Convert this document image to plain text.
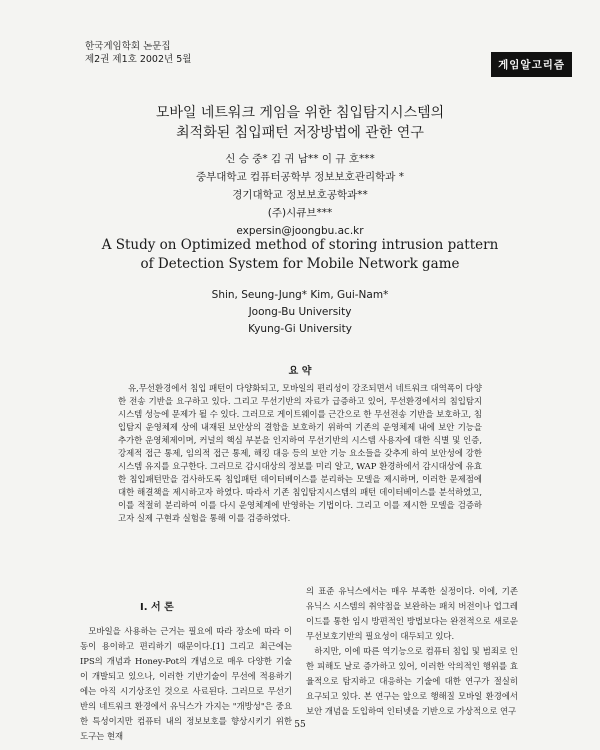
한국게임학회 논문집
제2권 제1호 2002년 5월	게임알고리즘
모바일 네트워크 게임을 위한 침입탐지시스템의
최적화된 침입패턴 저장방법에 관한 연구
신 승 중* 김 귀 남** 이 규 호***
중부대학교 컴퓨터공학부 정보보호관리학과 *
경기대학교 정보보호공학과**
(주)시큐브***
expersin@joongbu.ac.kr
A Study on Optimized method of storing intrusion pattern
of Detection System for Mobile Network game
Shin, Seung-Jung* Kim, Gui-Nam*
Joong-Bu University
Kyung-Gi University
요 약

유,무선환경에서 침입 패턴이 다양화되고, 모바일의 편리성이 강조되면서 네트워크 대역폭이 다양한 전송 기반을 요구하고 있다. 그리고 무선기반의 자료가 급증하고 있어, 무선환경에서의 침입탐지시스템 성능에 문제가 될 수 있다. 그러므로 게이트웨이를 근간으로 한 무선전송 기반을 보호하고, 침입탐지 운영체제 상에 내재된 보안상의 결함을 보호하기 위하여 기존의 운영체제 내에 보안 기능을 추가한 운영체제이며, 커널의 핵심 부분을 인지하여 무선기반의 시스템 사용자에 대한 식별 및 인증, 강제적 접근 통제, 임의적 접근 통제, 해킹 대응 등의 보안 기능 요소들을 갖추게 하여 보안성에 강한 시스템 유지를 요구한다. 그러므로 감시대상의 정보를 미리 알고, WAP 환경하에서 감시대상에 유효한 침입패턴만을 검사하도록 침입패턴 데이터베이스를 분리하는 모델을 제시하며, 이러한 문제점에 대한 해결책을 제시하고자 하였다. 따라서 기존 침입탐지시스템의 패턴 데이터베이스를 분석하였고, 이를 적절히 분리하여 이를 다시 운영체계에 반영하는 기법이다. 그리고 이를 제시한 모델을 검증하고자 실제 구현과 실험을 통해 이를 검증하였다.

Ⅰ. 서 론

모바일을 사용하는 근거는 필요에 따라 장소에 따라 이동이 용이하고 편리하기 때문이다.[1] 그리고 최근에는 IPS의 개념과 Honey-Pot의 개념으로 매우 다양한 기술이 개발되고 있으나, 이러한 기반기술이 무선에 적용하기에는 아직 시기상조인 것으로 사료된다. 그러므로 무선기반의 네트워크 환경에서 유닉스가 가지는 "개방성"은 중요한 특성이지만 컴퓨터 내의 정보보호를 향상시키기 위한 도구는 현재

의 표준 유닉스에서는 매우 부족한 실정이다. 이에, 기존 유닉스 시스템의 취약점을 보완하는 패치 버전이나 업그레이드를 통한 임시 방편적인 방법보다는 완전적으로 새로운 무선보호기반의 필요성이 대두되고 있다.

하지만, 이에 따른 역기능으로 컴퓨터 침입 및 범죄로 인한 피해도 날로 증가하고 있어, 이러한 악의적인 행위를 효율적으로 탐지하고 대응하는 기술에 대한 연구가 절실히 요구되고 있다. 본 연구는 앞으로 행해질 모바일 환경에서 보안 개념을 도입하여 인터넷을 기반으로 가상적으로 연구

55
